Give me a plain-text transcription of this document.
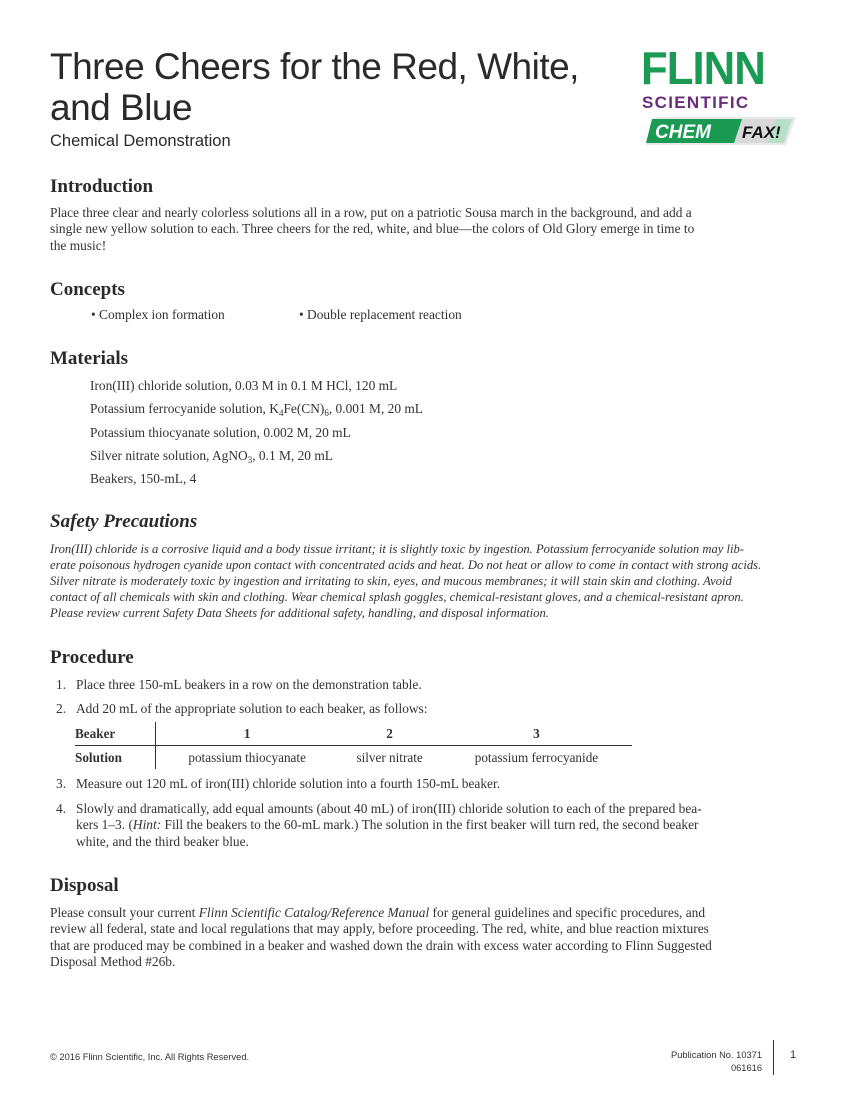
Three Cheers for the Red, White,
and Blue
Chemical Demonstration
FLINN
SCIENTIFIC
CHEM FAX!
Introduction
Place three clear and nearly colorless solutions all in a row, put on a patriotic Sousa march in the background, and add a
single new yellow solution to each. Three cheers for the red, white, and blue—the colors of Old Glory emerge in time to
the music!
Concepts
• Complex ion formation	• Double replacement reaction
Materials
Iron(III) chloride solution, 0.03 M in 0.1 M HCl, 120 mL
Potassium ferrocyanide solution, $K_4Fe(CN)_6$, 0.001 M, 20 mL
Potassium thiocyanate solution, 0.002 M, 20 mL
Silver nitrate solution, AgNO$_3$, 0.1 M, 20 mL
Beakers, 150-mL, 4
Safety Precautions
Iron(III) chloride is a corrosive liquid and a body tissue irritant; it is slightly toxic by ingestion. Potassium ferrocyanide solution may lib-
erate poisonous hydrogen cyanide upon contact with concentrated acids and heat. Do not heat or allow to come in contact with strong acids.
Silver nitrate is moderately toxic by ingestion and irritating to skin, eyes, and mucous membranes; it will stain skin and clothing. Avoid
contact of all chemicals with skin and clothing. Wear chemical splash goggles, chemical-resistant gloves, and a chemical-resistant apron.
Please review current Safety Data Sheets for additional safety, handling, and disposal information.
Procedure
1. Place three 150-mL beakers in a row on the demonstration table.
2. Add 20 mL of the appropriate solution to each beaker, as follows:
Beaker	1	2	3
Solution	potassium thiocyanate	silver nitrate	potassium ferrocyanide
3. Measure out 120 mL of iron(III) chloride solution into a fourth 150-mL beaker.
4. Slowly and dramatically, add equal amounts (about 40 mL) of iron(III) chloride solution to each of the prepared bea-
kers 1–3. (Hint: Fill the beakers to the 60-mL mark.) The solution in the first beaker will turn red, the second beaker
white, and the third beaker blue.
Disposal
Please consult your current Flinn Scientific Catalog/Reference Manual for general guidelines and specific procedures, and
review all federal, state and local regulations that may apply, before proceeding. The red, white, and blue reaction mixtures
that are produced may be combined in a beaker and washed down the drain with excess water according to Flinn Suggested
Disposal Method #26b.
© 2016 Flinn Scientific, Inc. All Rights Reserved.	Publication No. 10371
061616
1
